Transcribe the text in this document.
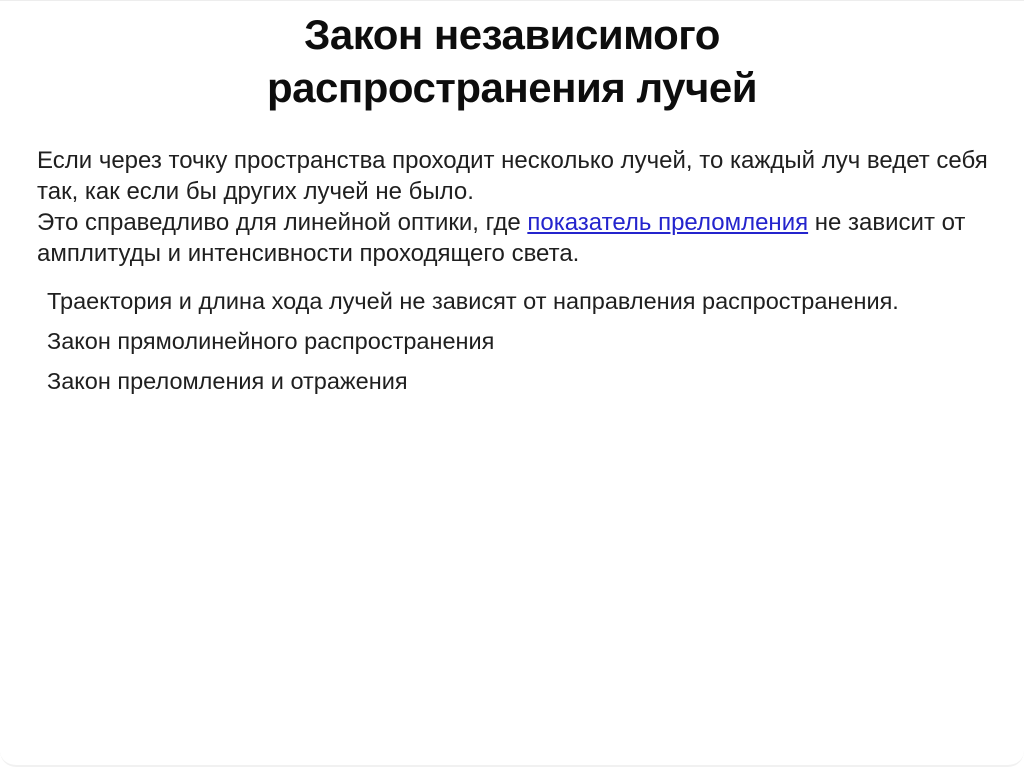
Закон независимого распространения лучей
Если через точку пространства проходит несколько лучей, то каждый луч ведет себя
так, как если бы других лучей не было.
Это справедливо для линейной оптики, где показатель преломления не зависит от
амплитуды и интенсивности проходящего света.
Траектория и длина хода лучей не зависят от направления распространения.
Закон прямолинейного распространения
Закон преломления и отражения
